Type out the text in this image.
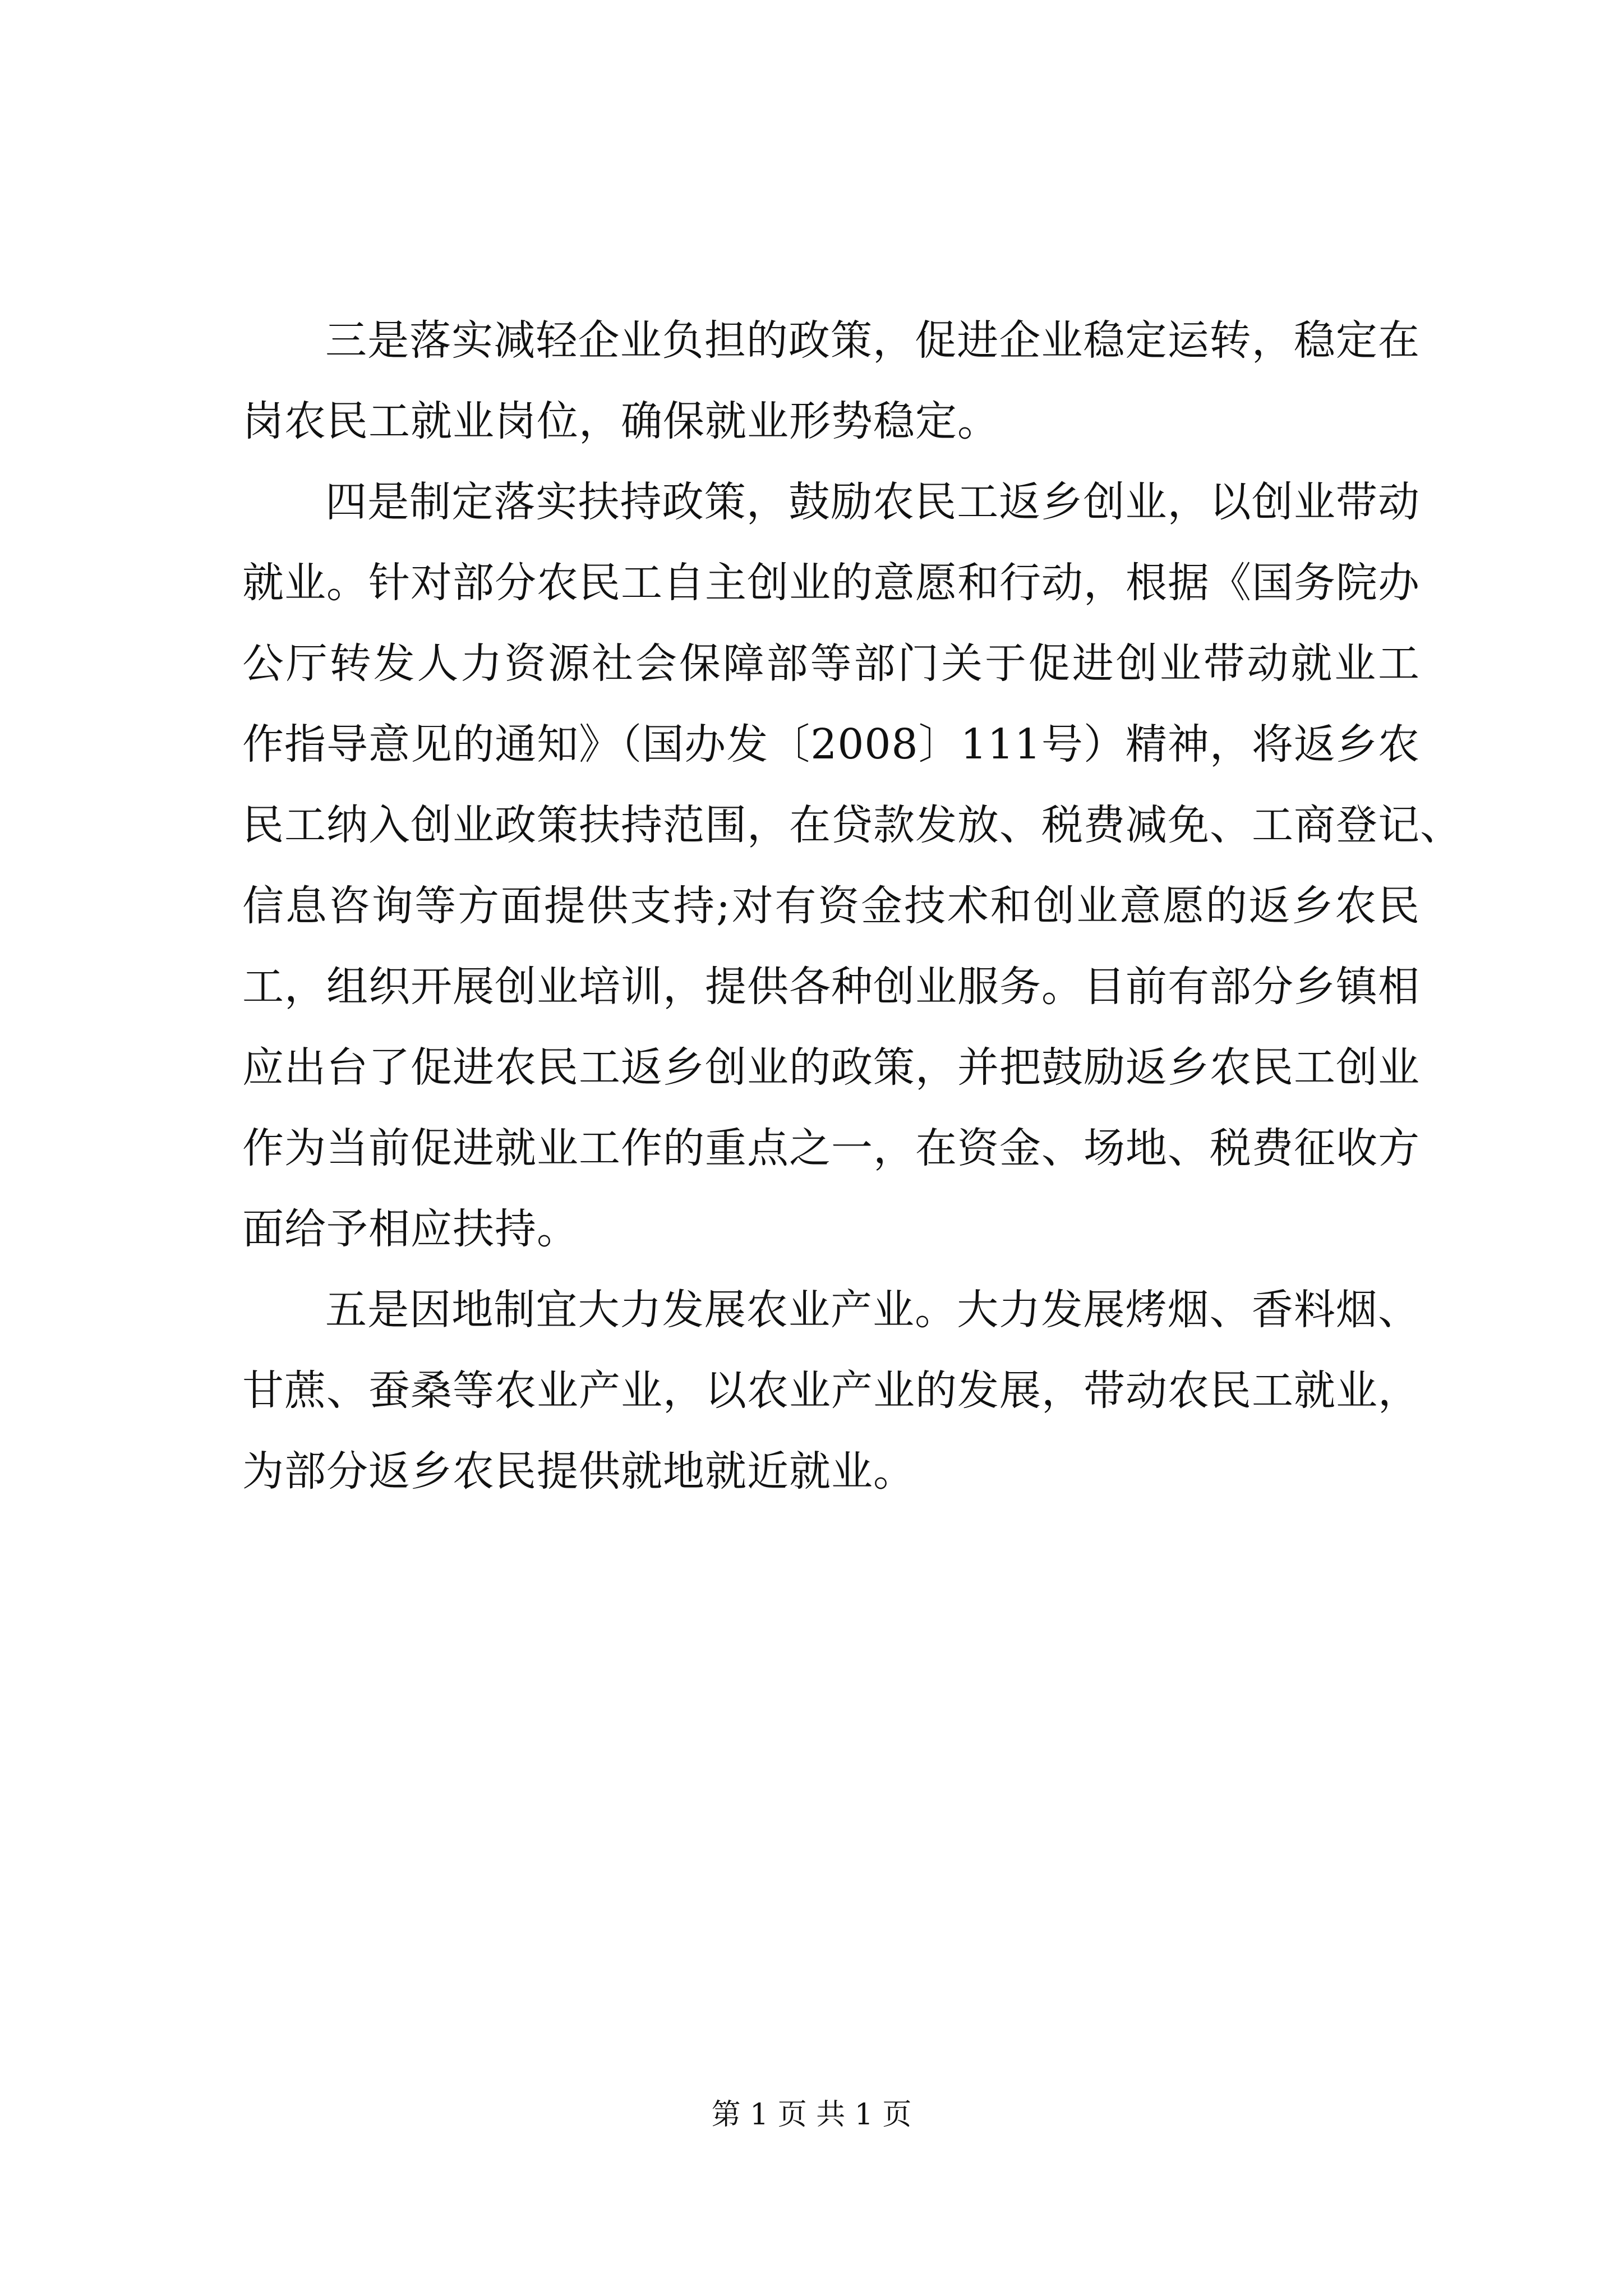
三是落实减轻企业负担的政策，促进企业稳定运转，稳定在
岗农民工就业岗位，确保就业形势稳定。
四是制定落实扶持政策，鼓励农民工返乡创业，以创业带动
就业。针对部分农民工自主创业的意愿和行动，根据《国务院办
公厅转发人力资源社会保障部等部门关于促进创业带动就业工
作指导意见的通知》（国办发〔2008〕111号）精神，将返乡农
民工纳入创业政策扶持范围，在贷款发放、税费减免、工商登记、
信息咨询等方面提供支持;对有资金技术和创业意愿的返乡农民
工，组织开展创业培训，提供各种创业服务。目前有部分乡镇相
应出台了促进农民工返乡创业的政策，并把鼓励返乡农民工创业
作为当前促进就业工作的重点之一，在资金、场地、税费征收方
面给予相应扶持。
五是因地制宜大力发展农业产业。大力发展烤烟、香料烟、
甘蔗、蚕桑等农业产业，以农业产业的发展，带动农民工就业，
为部分返乡农民提供就地就近就业。
第 1 页 共 1 页
